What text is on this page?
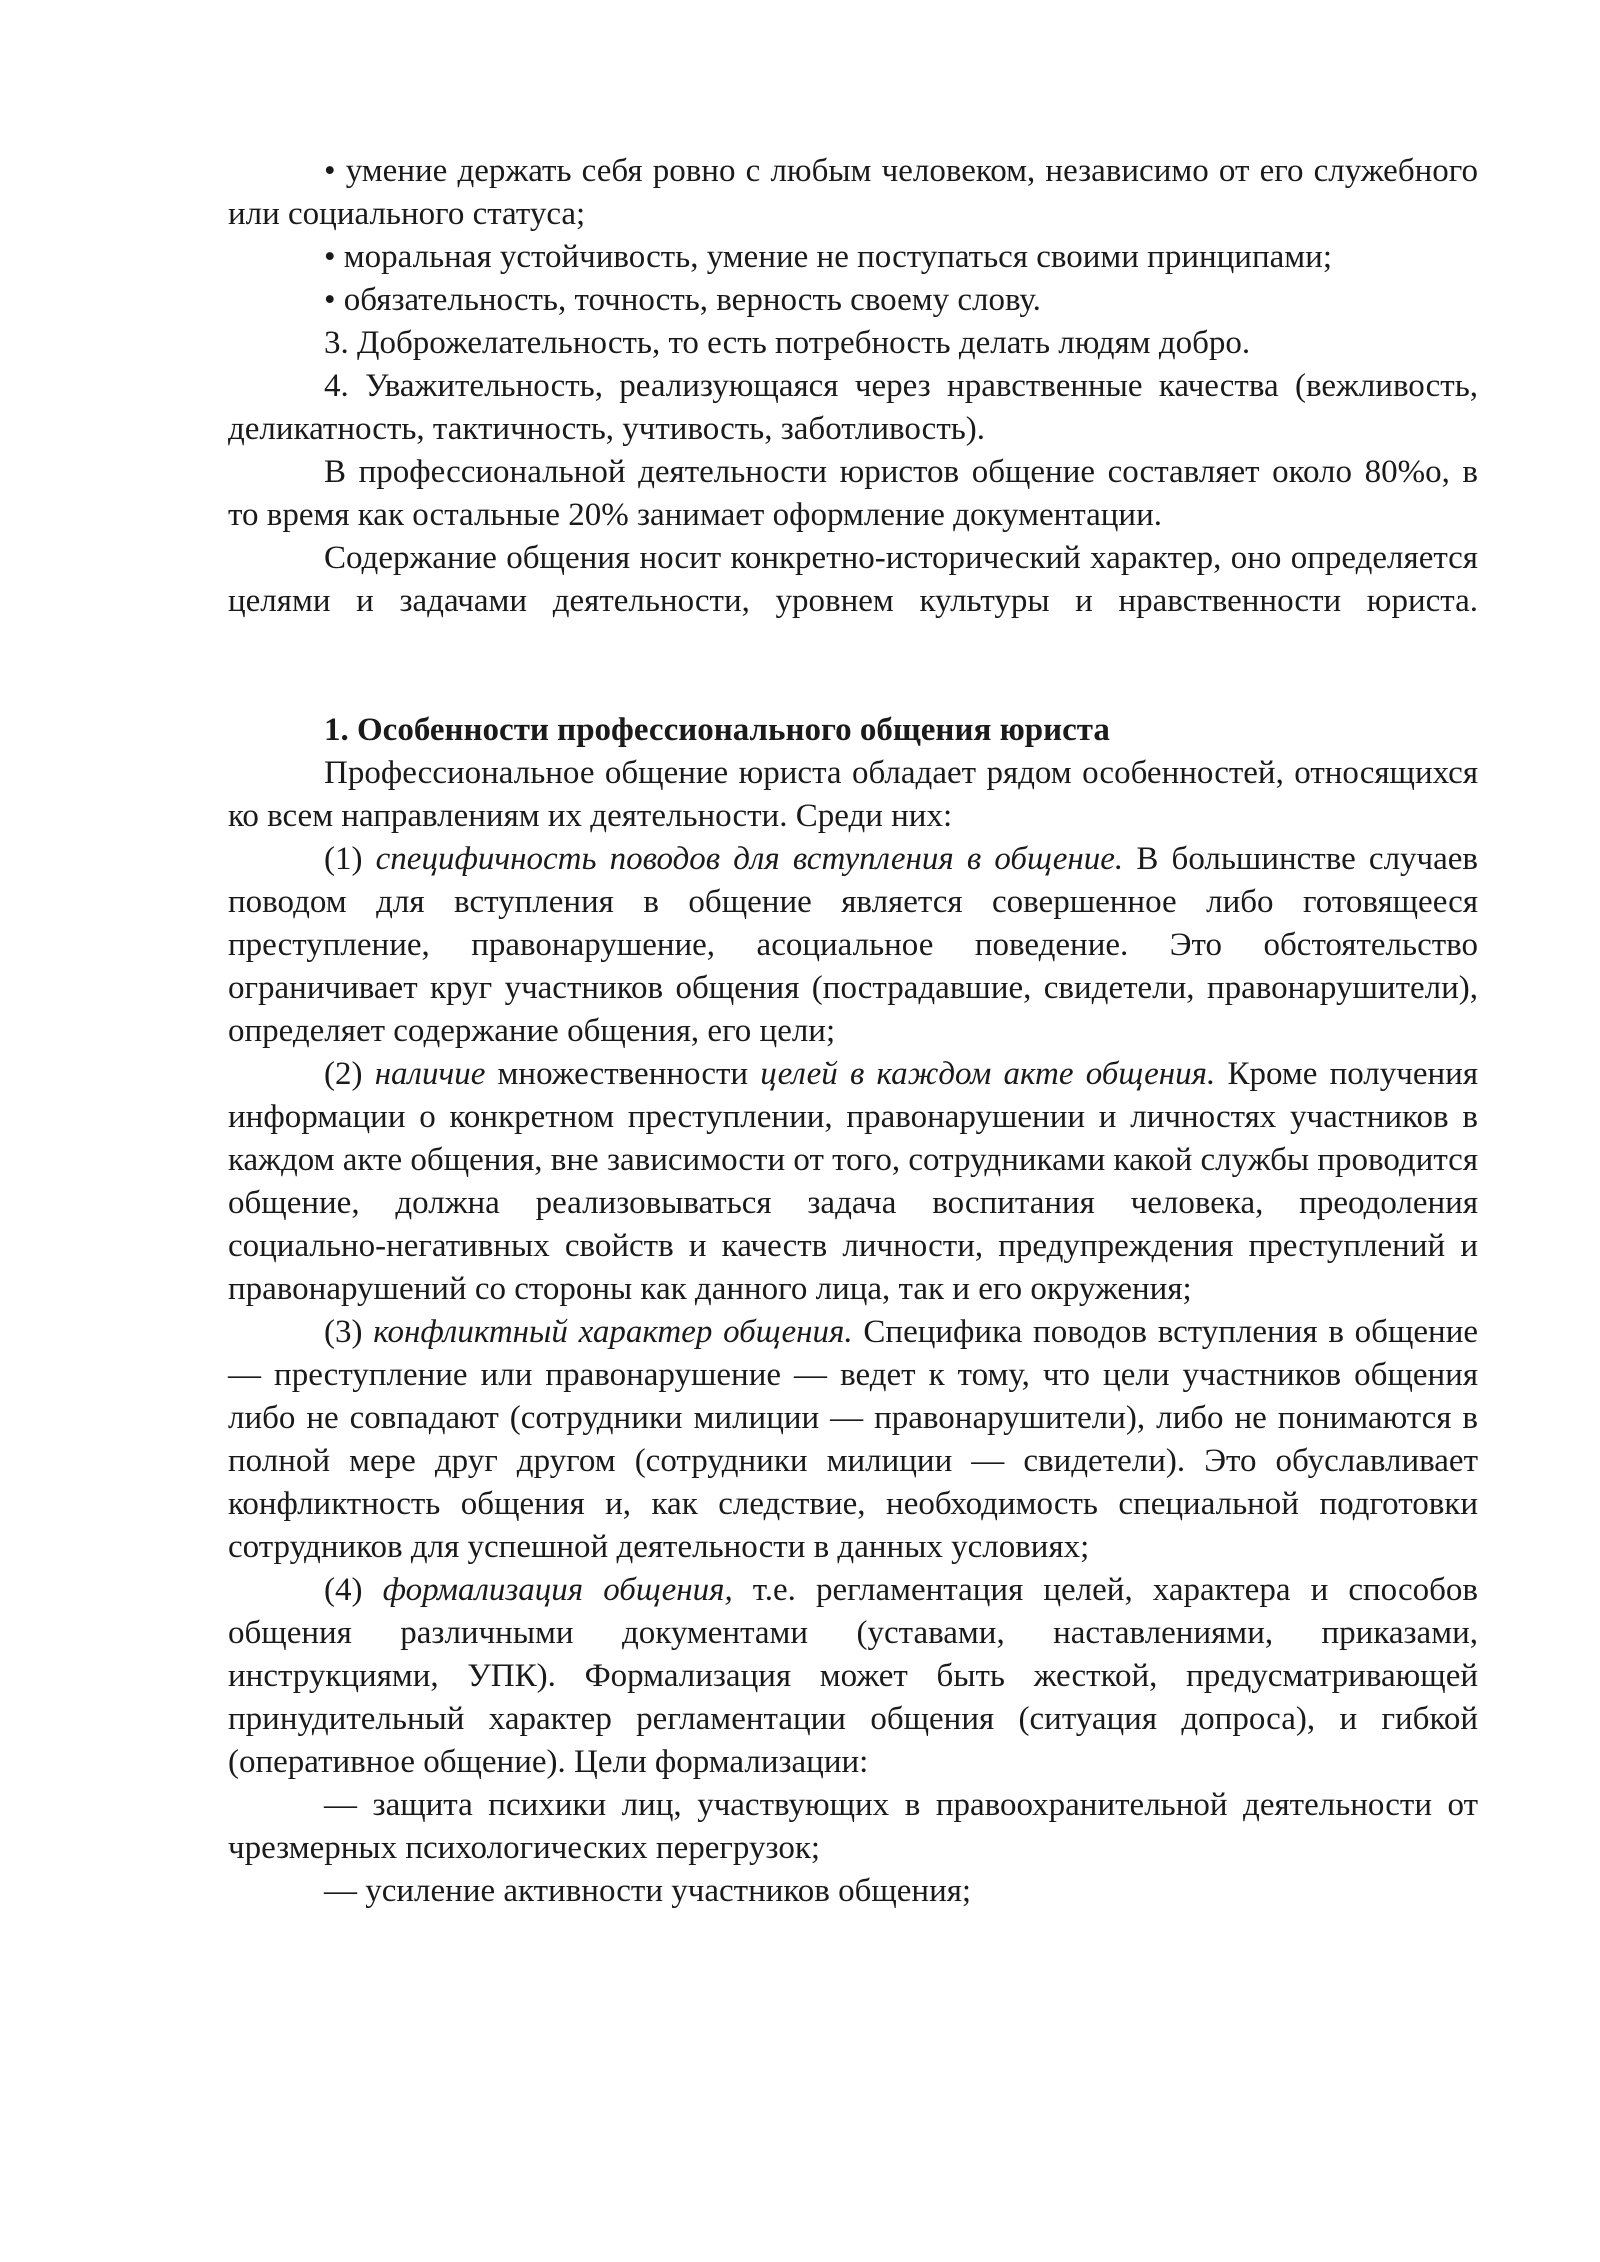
• умение держать себя ровно с любым человеком, независимо от его служебного или социального статуса;

• моральная устойчивость, умение не поступаться своими принципами;

• обязательность, точность, верность своему слову.

3. Доброжелательность, то есть потребность делать людям добро.

4. Уважительность, реализующаяся через нравственные качества (вежливость, деликатность, тактичность, учтивость, заботливость).

В профессиональной деятельности юристов общение составляет около 80%о, в то время как остальные 20% занимает оформление документации.

Содержание общения носит конкретно-исторический характер, оно определяется целями и задачами деятельности, уровнем культуры и нравственности юриста.

1. Особенности профессионального общения юриста

Профессиональное общение юриста обладает рядом особенностей, относящихся ко всем направлениям их деятельности. Среди них:

(1) специфичность поводов для вступления в общение. В большинстве случаев поводом для вступления в общение является совершенное либо готовящееся преступление, правонарушение, асоциальное поведение. Это обстоятельство ограничивает круг участников общения (пострадавшие, свидетели, правонарушители), определяет содержание общения, его цели;

(2) наличие множественности целей в каждом акте общения. Кроме получения информации о конкретном преступлении, правонарушении и личностях участников в каждом акте общения, вне зависимости от того, сотрудниками какой службы проводится общение, должна реализовываться задача воспитания человека, преодоления социально-негативных свойств и качеств личности, предупреждения преступлений и правонарушений со стороны как данного лица, так и его окружения;

(3) конфликтный характер общения. Специфика поводов вступления в общение — преступление или правонарушение — ведет к тому, что цели участников общения либо не совпадают (сотрудники милиции — правонарушители), либо не понимаются в полной мере друг другом (сотрудники милиции — свидетели). Это обуславливает конфликтность общения и, как следствие, необходимость специальной подготовки сотрудников для успешной деятельности в данных условиях;

(4) формализация общения, т.е. регламентация целей, характера и способов общения различными документами (уставами, наставлениями, приказами, инструкциями, УПК). Формализация может быть жесткой, предусматривающей принудительный характер регламентации общения (ситуация допроса), и гибкой (оперативное общение). Цели формализации:

— защита психики лиц, участвующих в правоохранительной деятельности от чрезмерных психологических перегрузок;

— усиление активности участников общения;
